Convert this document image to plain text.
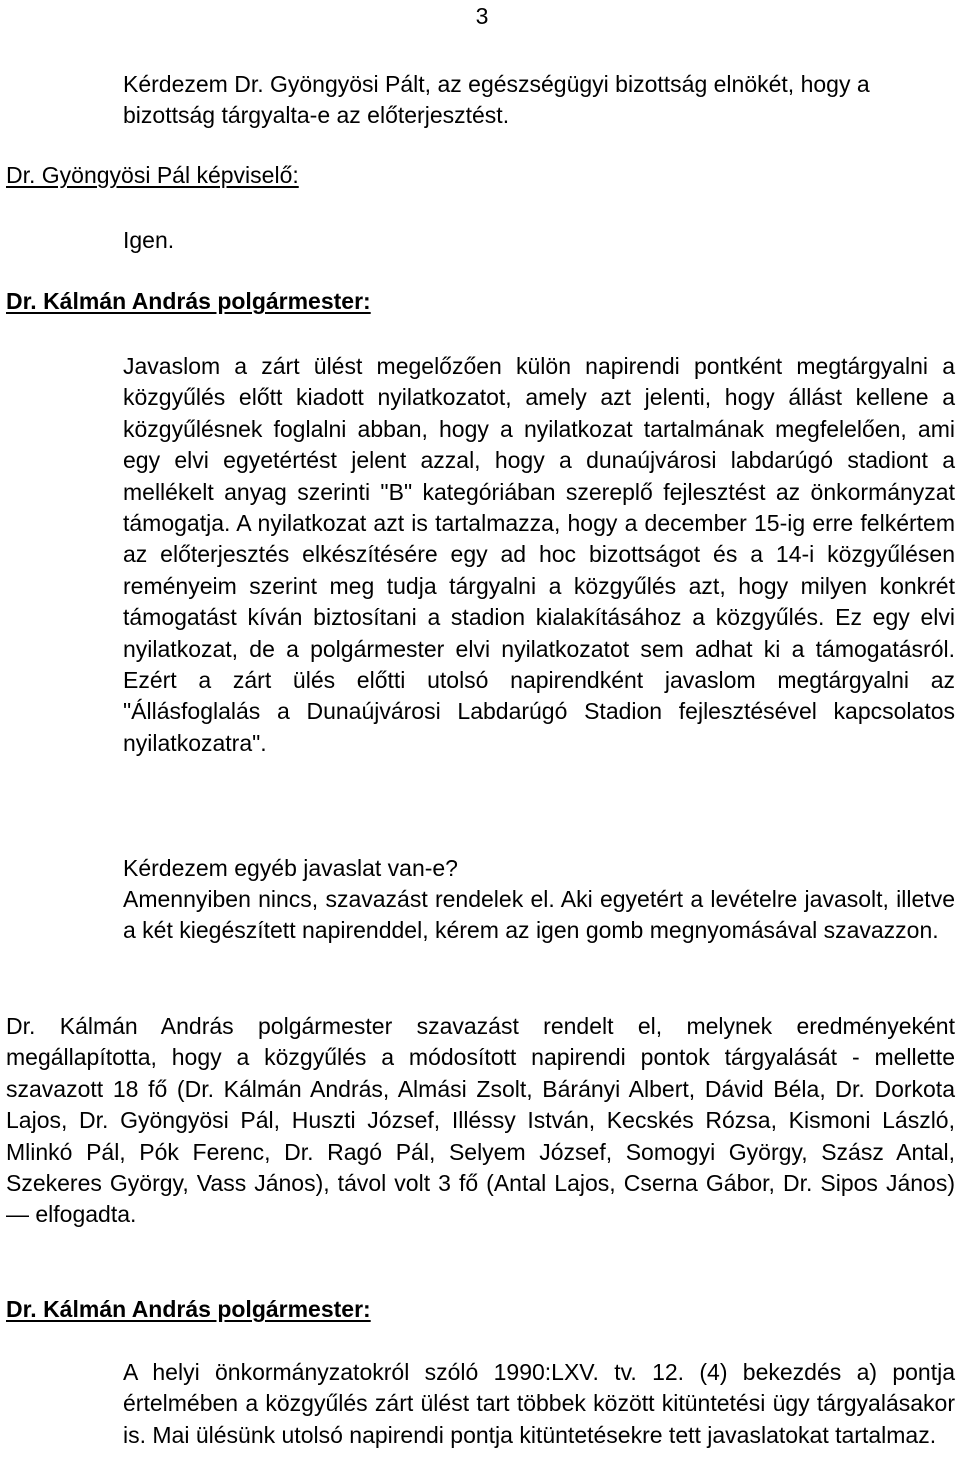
3

Kérdezem Dr. Gyöngyösi Pált, az egészségügyi bizottság elnökét, hogy a bizottság tárgyalta-e az előterjesztést.

Dr. Gyöngyösi Pál képviselő:

Igen.

Dr. Kálmán András polgármester:

Javaslom a zárt ülést megelőzően külön napirendi pontként megtárgyalni a közgyűlés előtt kiadott nyilatkozatot, amely azt jelenti, hogy állást kellene a közgyűlésnek foglalni abban, hogy a nyilatkozat tartalmának megfelelően, ami egy elvi egyetértést jelent azzal, hogy a dunaújvárosi labdarúgó stadiont a mellékelt anyag szerinti "B" kategóriában szereplő fejlesztést az önkormányzat támogatja. A nyilatkozat azt is tartalmazza, hogy a december 15-ig erre felkértem az előterjesztés elkészítésére egy ad hoc bizottságot és a 14-i közgyűlésen reményeim szerint meg tudja tárgyalni a közgyűlés azt, hogy milyen konkrét támogatást kíván biztosítani a stadion kialakításához a közgyűlés. Ez egy elvi nyilatkozat, de a polgármester elvi nyilatkozatot sem adhat ki a támogatásról. Ezért a zárt ülés előtti utolsó napirendként javaslom megtárgyalni az "Állásfoglalás a Dunaújvárosi Labdarúgó Stadion fejlesztésével kapcsolatos nyilatkozatra".

Kérdezem egyéb javaslat van-e?

Amennyiben nincs, szavazást rendelek el. Aki egyetért a levételre javasolt, illetve a két kiegészített napirenddel, kérem az igen gomb megnyomásával szavazzon.

Dr. Kálmán András polgármester szavazást rendelt el, melynek eredményeként megállapította, hogy a közgyűlés a módosított napirendi pontok tárgyalását - mellette szavazott 18 fő (Dr. Kálmán András, Almási Zsolt, Bárányi Albert, Dávid Béla, Dr. Dorkota Lajos, Dr. Gyöngyösi Pál, Huszti József, Illéssy István, Kecskés Rózsa, Kismoni László, Mlinkó Pál, Pók Ferenc, Dr. Ragó Pál, Selyem József, Somogyi György, Szász Antal, Szekeres György, Vass János), távol volt 3 fő (Antal Lajos, Cserna Gábor, Dr. Sipos János) — elfogadta.

Dr. Kálmán András polgármester:

A helyi önkormányzatokról szóló 1990:LXV. tv. 12. (4) bekezdés a) pontja értelmében a közgyűlés zárt ülést tart többek között kitüntetési ügy tárgyalásakor is. Mai ülésünk utolsó napirendi pontja kitüntetésekre tett javaslatokat tartalmaz.
